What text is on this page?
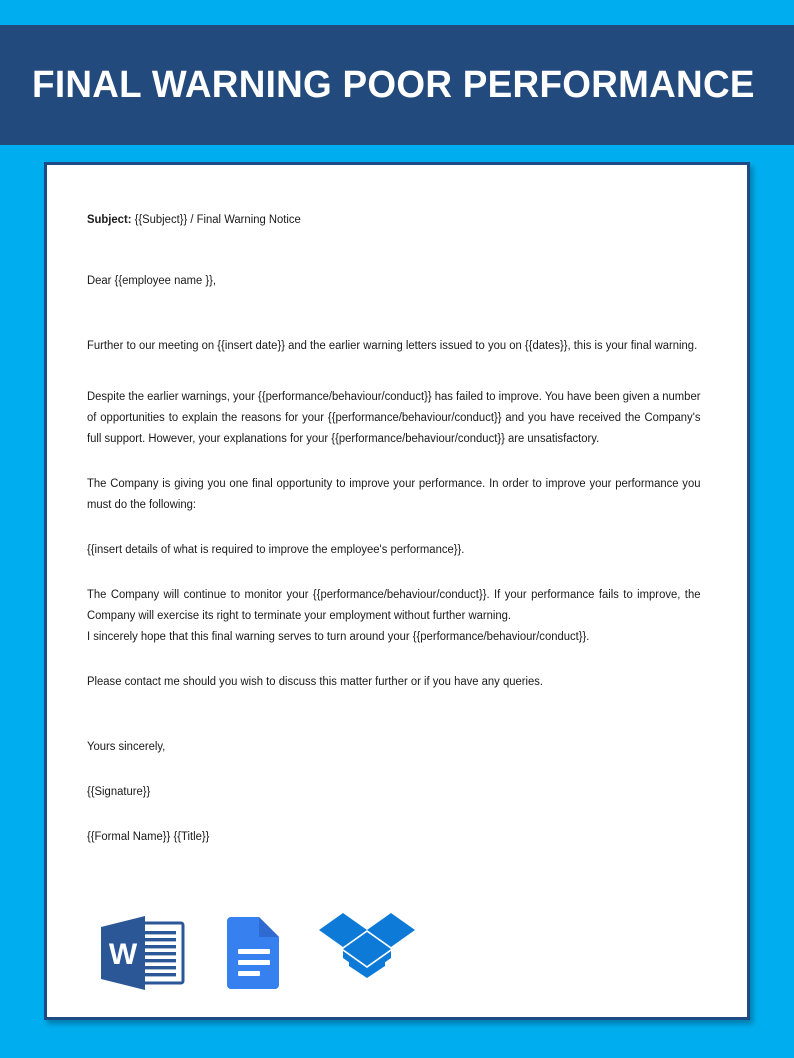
FINAL WARNING POOR PERFORMANCE

Subject: {{Subject}} / Final Warning Notice

Dear {{employee name }},

Further to our meeting on {{insert date}} and the earlier warning letters issued to you on {{dates}}, this is your final warning.

Despite the earlier warnings, your {{performance/behaviour/conduct}} has failed to improve. You have been given a number of opportunities to explain the reasons for your {{performance/behaviour/conduct}} and you have received the Company's full support. However, your explanations for your {{performance/behaviour/conduct}} are unsatisfactory.

The Company is giving you one final opportunity to improve your performance. In order to improve your performance you must do the following:

{{insert details of what is required to improve the employee's performance}}.

The Company will continue to monitor your {{performance/behaviour/conduct}}. If your performance fails to improve, the Company will exercise its right to terminate your employment without further warning.

I sincerely hope that this final warning serves to turn around your {{performance/behaviour/conduct}}.

Please contact me should you wish to discuss this matter further or if you have any queries.

Yours sincerely,

{{Signature}}

{{Formal Name}} {{Title}}

W
